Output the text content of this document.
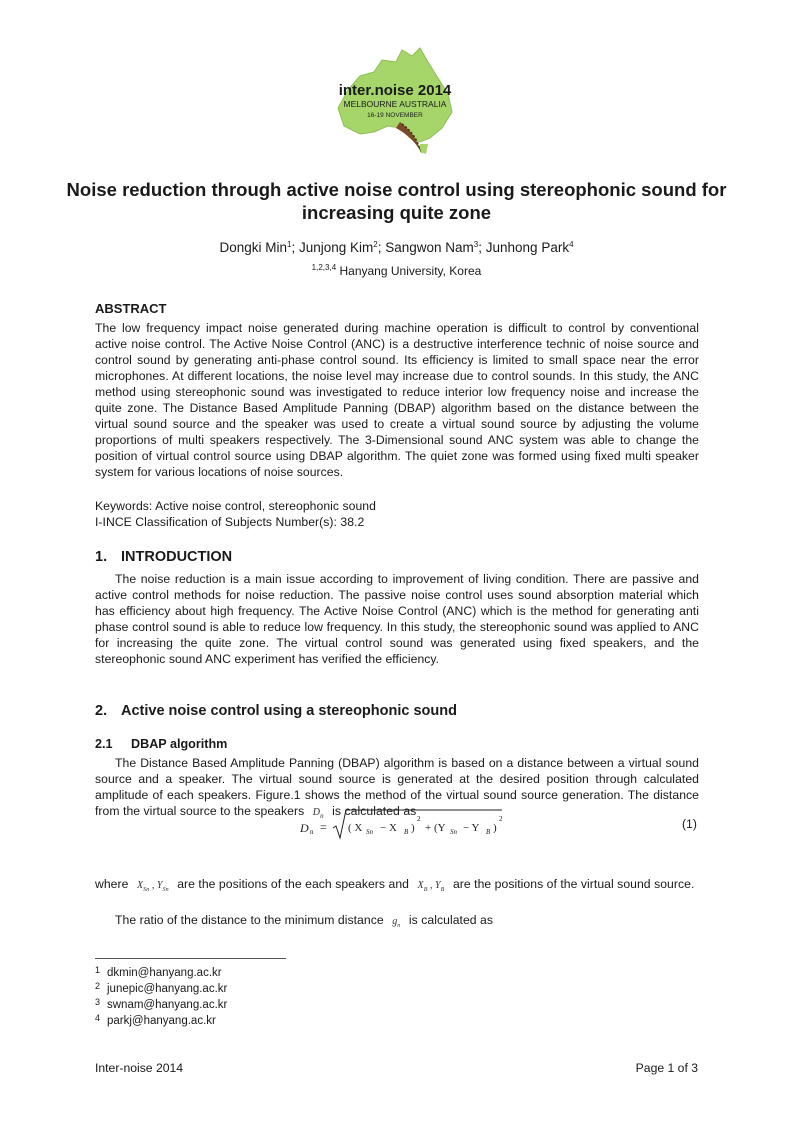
inter.noise 2014
MELBOURNE AUSTRALIA
16-19 NOVEMBER
Noise reduction through active noise control using stereophonic sound for increasing quite zone
Dongki Min$^1$; Junjong Kim$^2$; Sangwon Nam$^3$; Junhong Park$^4$
$^{1,2,3,4}$ Hanyang University, Korea
ABSTRACT
The low frequency impact noise generated during machine operation is difficult to control by conventional active noise control. The Active Noise Control (ANC) is a destructive interference technic of noise source and control sound by generating anti-phase control sound. Its efficiency is limited to small space near the error microphones. At different locations, the noise level may increase due to control sounds. In this study, the ANC method using stereophonic sound was investigated to reduce interior low frequency noise and increase the quite zone. The Distance Based Amplitude Panning (DBAP) algorithm based on the distance between the virtual sound source and the speaker was used to create a virtual sound source by adjusting the volume proportions of multi speakers respectively. The 3-Dimensional sound ANC system was able to change the position of virtual control source using DBAP algorithm. The quiet zone was formed using fixed multi speaker system for various locations of noise sources.
Keywords: Active noise control, stereophonic sound
I-INCE Classification of Subjects Number(s): 38.2
1. INTRODUCTION
The noise reduction is a main issue according to improvement of living condition. There are passive and active control methods for noise reduction. The passive noise control uses sound absorption material which has efficiency about high frequency. The Active Noise Control (ANC) which is the method for generating anti phase control sound is able to reduce low frequency. In this study, the stereophonic sound was applied to ANC for increasing the quite zone. The virtual control sound was generated using fixed speakers, and the stereophonic sound ANC experiment has verified the efficiency.
2. Active noise control using a stereophonic sound
2.1 DBAP algorithm
The Distance Based Amplitude Panning (DBAP) algorithm is based on a distance between a virtual sound source and a speaker. The virtual sound source is generated at the desired position through calculated amplitude of each speakers. Figure.1 shows the method of the virtual sound source generation. The distance from the virtual source to the speakers $D_n$ is calculated as
D n = ( X Sn − X B )
2
+ (Y Sn − Y B )
2	(1)
where   $X_{Sn}$ , $Y_{Sn}$ are the positions of the each speakers and   $X_B$ , $Y_B$ are the positions of the virtual sound source.
The ratio of the distance to the minimum distance $g_n$ is calculated as
1 dkmin@hanyang.ac.kr
2 junepic@hanyang.ac.kr
3 swnam@hanyang.ac.kr
4 parkj@hanyang.ac.kr
Inter-noise 2014	Page 1 of 3
